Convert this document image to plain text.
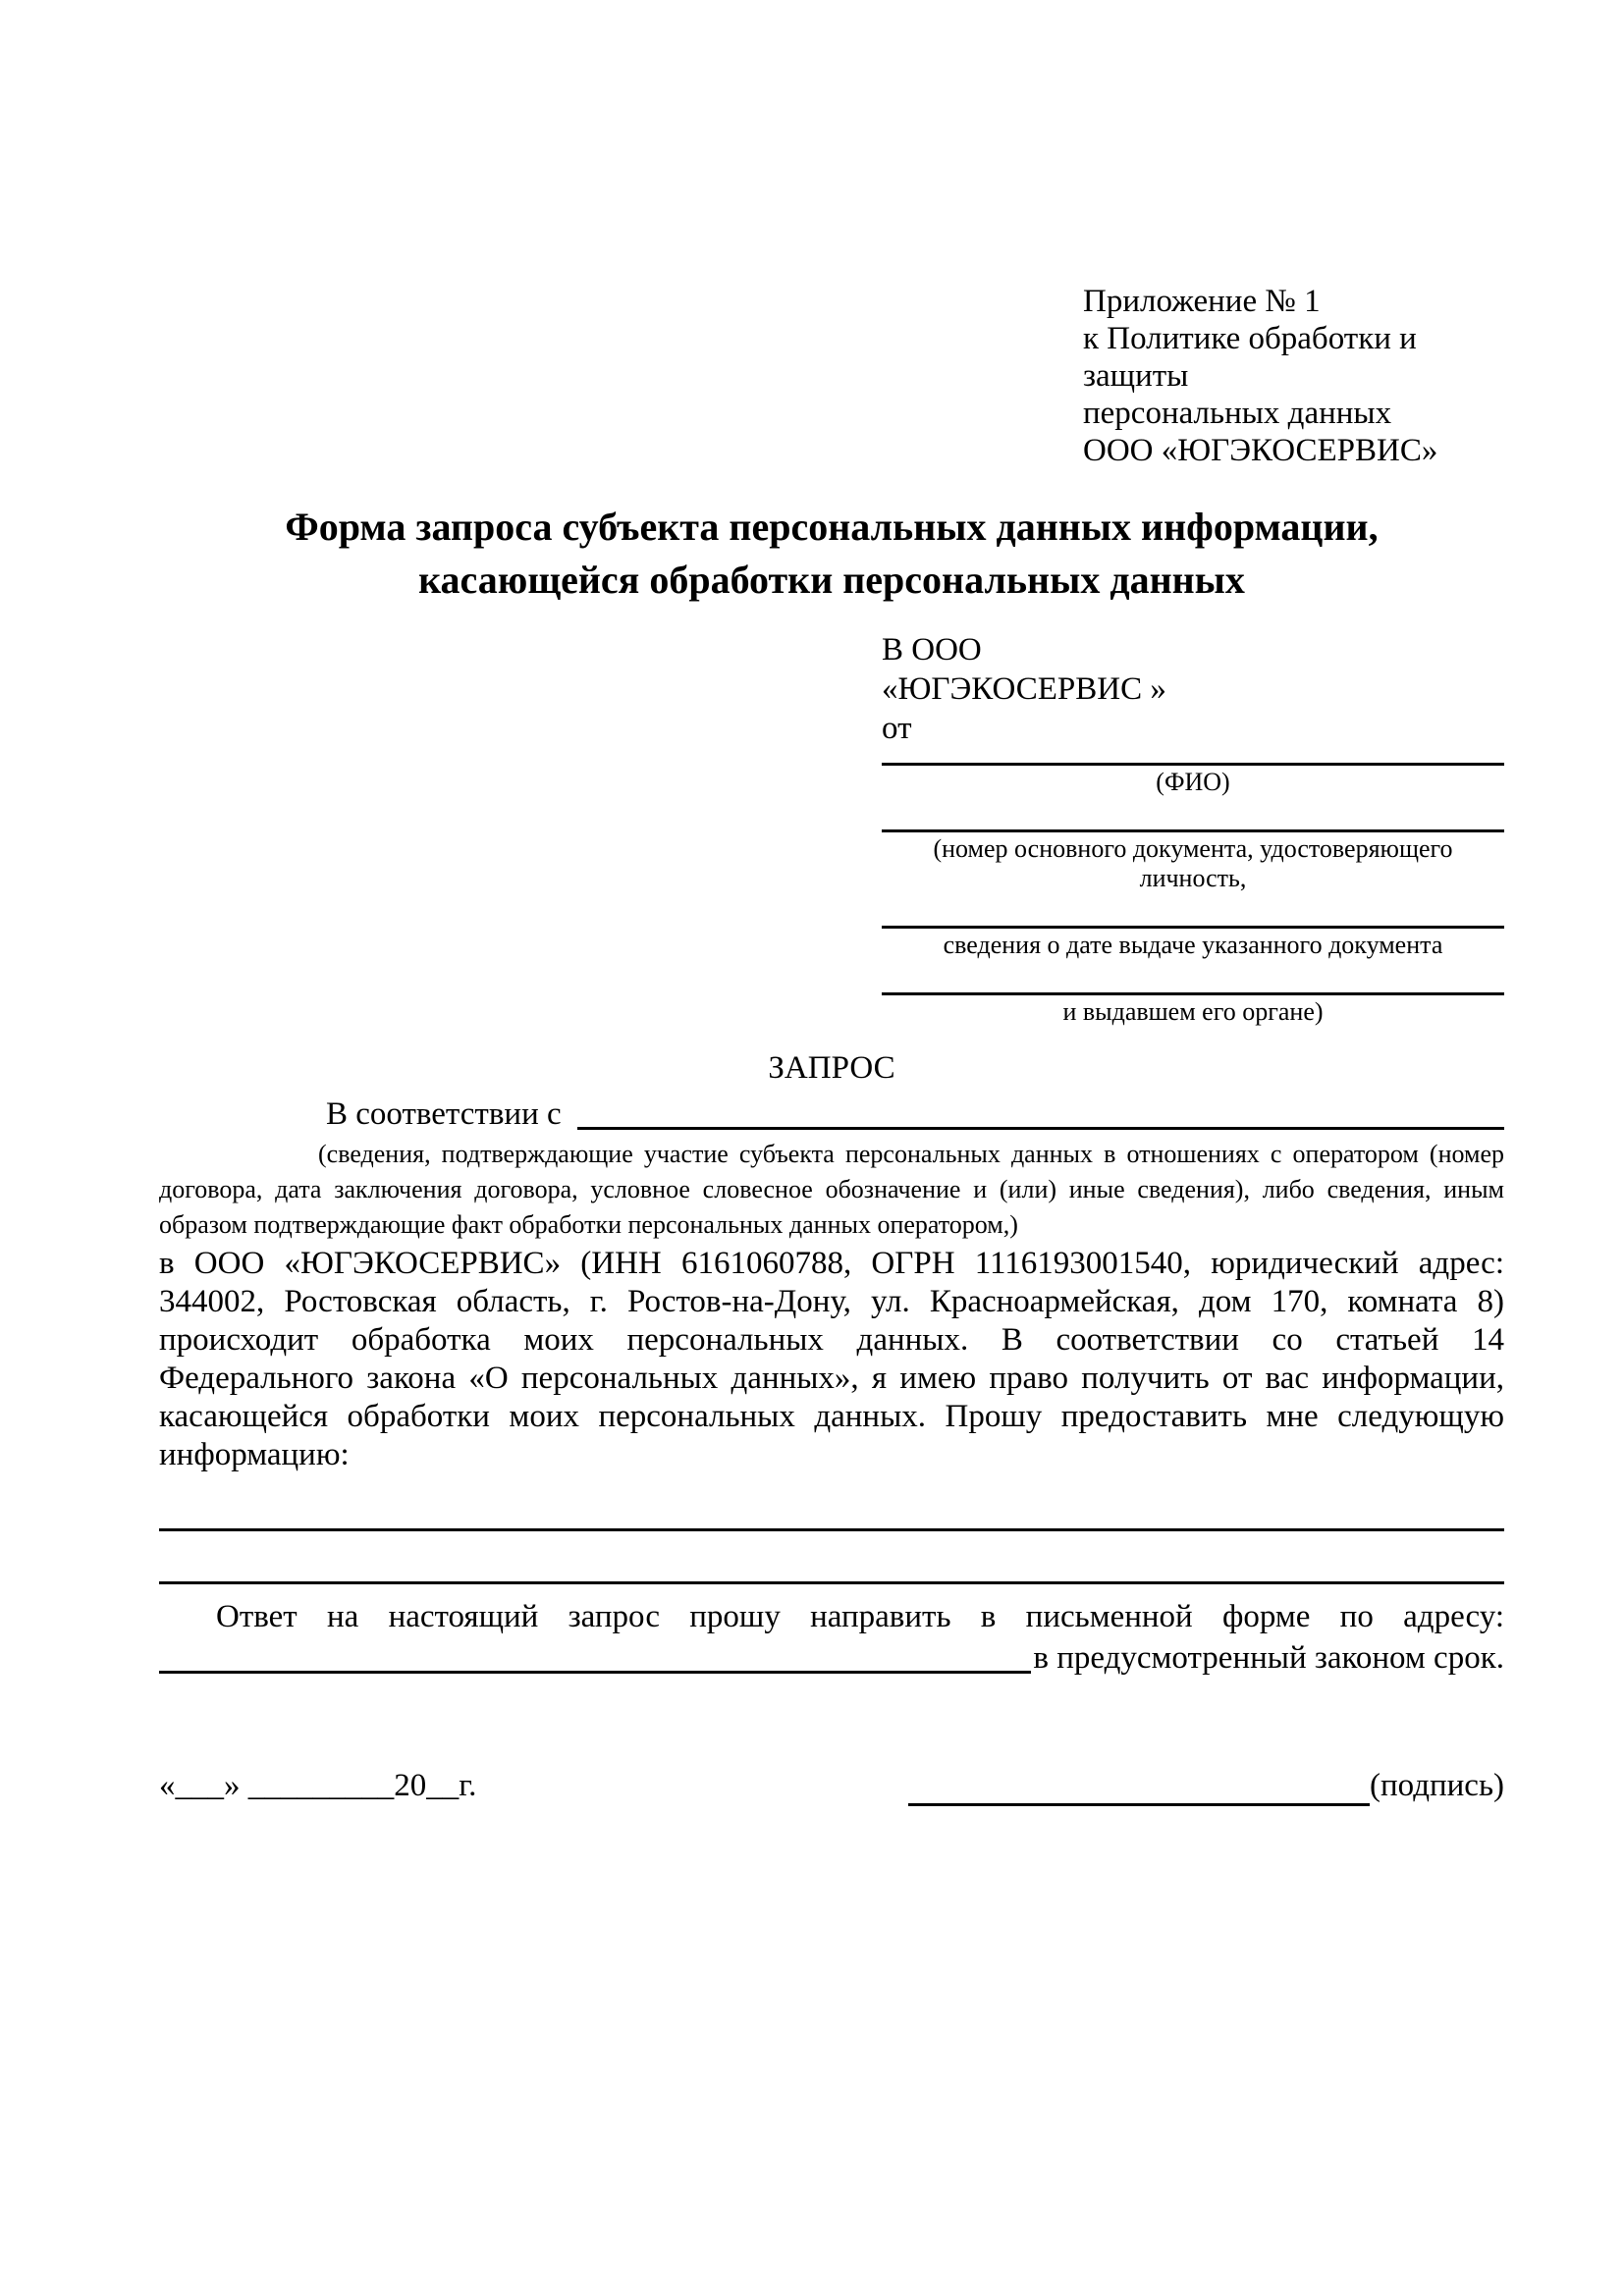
Приложение № 1
к Политике обработки и защиты
персональных данных
ООО «ЮГЭКОСЕРВИС»
Форма запроса субъекта персональных данных информации,
касающейся обработки персональных данных
В ООО
«ЮГЭКОСЕРВИС »
от
(ФИО)
(номер основного документа, удостоверяющего личность,
сведения о дате выдаче указанного документа
и выдавшем его органе)
ЗАПРОС
В соответствии с

(сведения, подтверждающие участие субъекта персональных данных в отношениях с оператором (номер договора, дата заключения договора, условное словесное обозначение и (или) иные сведения), либо сведения, иным образом подтверждающие факт обработки персональных данных оператором,)

в ООО «ЮГЭКОСЕРВИС» (ИНН 6161060788, ОГРН 1116193001540, юридический адрес: 344002, Ростовская область, г. Ростов-на-Дону, ул. Красноармейская, дом 170, комната 8) происходит обработка моих персональных данных. В соответствии со статьей 14 Федерального закона «О персональных данных», я имею право получить от вас информации, касающейся обработки моих персональных данных. Прошу предоставить мне следующую информацию:

Ответ на настоящий запрос прошу направить в письменной форме по адресу:

в предусмотренный законом срок.
«___» _________20__г.	(подпись)
